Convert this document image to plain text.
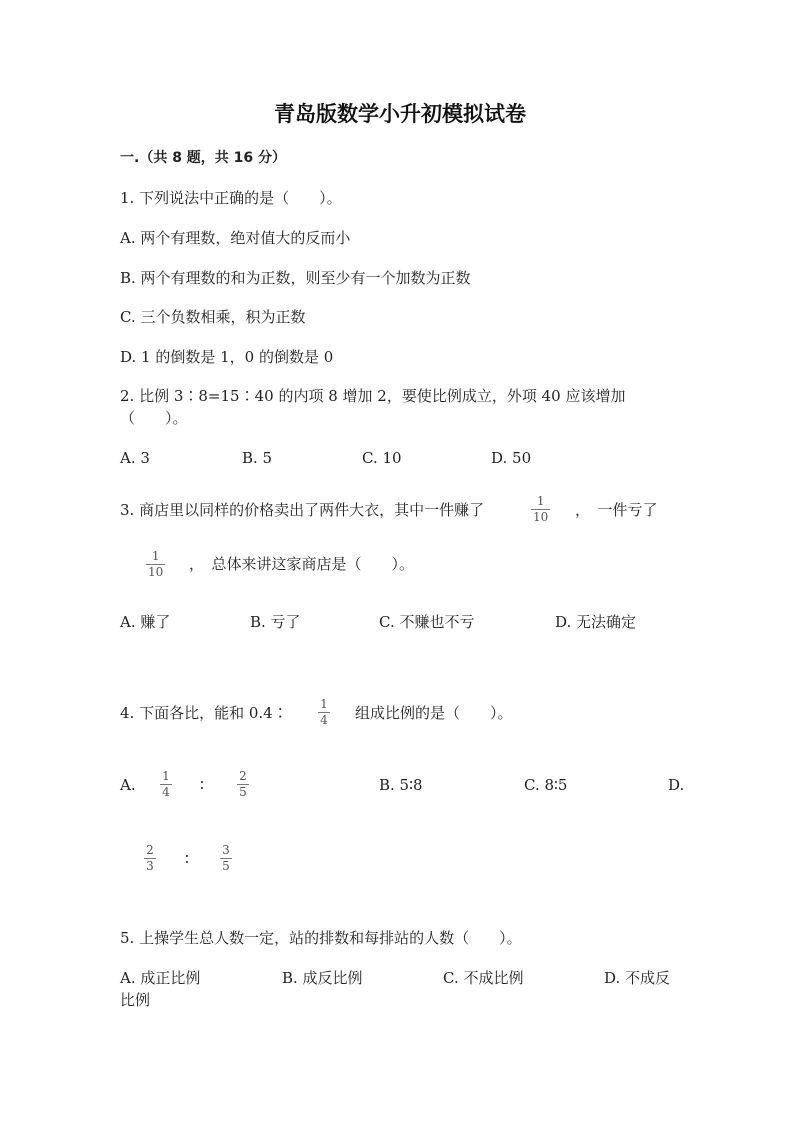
青岛版数学小升初模拟试卷
一.（共 8 题，共 16 分）
1. 下列说法中正确的是（　　）。
A. 两个有理数，绝对值大的反而小
B. 两个有理数的和为正数，则至少有一个加数为正数
C. 三个负数相乘，积为正数
D. 1 的倒数是 1，0 的倒数是 0
2. 比例 3∶8=15∶40 的内项 8 增加 2，要使比例成立，外项 40 应该增加
（　　）。
A. 3	B. 5	C. 10	D. 50
3. 商店里以同样的价格卖出了两件大衣，其中一件赚了	1
10 ，　一件亏了
1
10 ，　总体来讲这家商店是（　　）。
A. 赚了	B. 亏了	C. 不赚也不亏	D. 无法确定
4. 下面各比，能和 0.4∶	1
4 组成比例的是（　　）。
A. 1
4 ∶	2
5	B. 5∶8	C. 8∶5	D.
2
3 ∶	3
5
5. 上操学生总人数一定，站的排数和每排站的人数（　　）。
A. 成正比例	B. 成反比例	C. 不成比例	D. 不成反
比例
